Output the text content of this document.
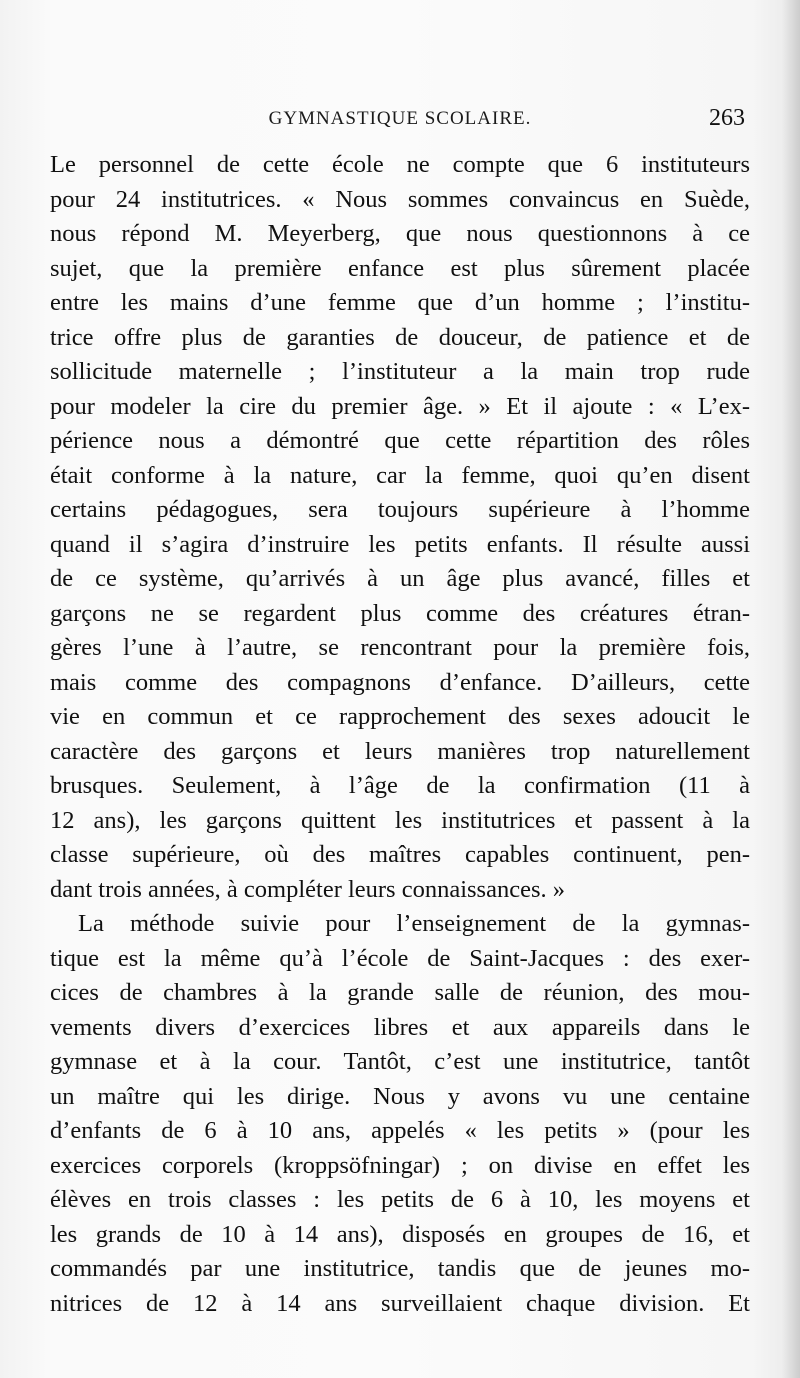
GYMNASTIQUE SCOLAIRE.	263
Le personnel de cette école ne compte que 6 instituteurs
pour 24 institutrices. « Nous sommes convaincus en Suède,
nous répond M. Meyerberg, que nous questionnons à ce
sujet, que la première enfance est plus sûrement placée
entre les mains d’une femme que d’un homme ; l’institu-
trice offre plus de garanties de douceur, de patience et de
sollicitude maternelle ; l’instituteur a la main trop rude
pour modeler la cire du premier âge. » Et il ajoute : « L’ex-
périence nous a démontré que cette répartition des rôles
était conforme à la nature, car la femme, quoi qu’en disent
certains pédagogues, sera toujours supérieure à l’homme
quand il s’agira d’instruire les petits enfants. Il résulte aussi
de ce système, qu’arrivés à un âge plus avancé, filles et
garçons ne se regardent plus comme des créatures étran-
gères l’une à l’autre, se rencontrant pour la première fois,
mais comme des compagnons d’enfance. D’ailleurs, cette
vie en commun et ce rapprochement des sexes adoucit le
caractère des garçons et leurs manières trop naturellement
brusques. Seulement, à l’âge de la confirmation (11 à
12 ans), les garçons quittent les institutrices et passent à la
classe supérieure, où des maîtres capables continuent, pen-
dant trois années, à compléter leurs connaissances. »
La méthode suivie pour l’enseignement de la gymnas-
tique est la même qu’à l’école de Saint-Jacques : des exer-
cices de chambres à la grande salle de réunion, des mou-
vements divers d’exercices libres et aux appareils dans le
gymnase et à la cour. Tantôt, c’est une institutrice, tantôt
un maître qui les dirige. Nous y avons vu une centaine
d’enfants de 6 à 10 ans, appelés « les petits » (pour les
exercices corporels (kroppsöfningar) ; on divise en effet les
élèves en trois classes : les petits de 6 à 10, les moyens et
les grands de 10 à 14 ans), disposés en groupes de 16, et
commandés par une institutrice, tandis que de jeunes mo-
nitrices de 12 à 14 ans surveillaient chaque division. Et
